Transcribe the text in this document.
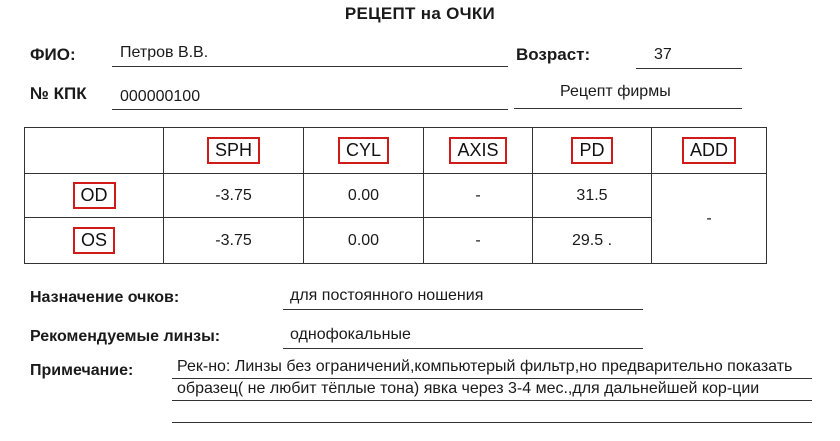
РЕЦЕПТ на ОЧКИ
ФИО:	Петров В.В.	Возраст:	37
№ КПК 000000100	Рецепт фирмы
	SPH	CYL	AXIS	PD	ADD
OD	-3.75	0.00	-	31.5	-
OS	-3.75	0.00	-	29.5 .	
Назначение очков:	для постоянного ношения
Рекомендуемые линзы:	однофокальные
Примечание:	Рек-но: Линзы без ограничений,компьютерый фильтр,но предварительно показать образец( не любит тёплые тона) явка через 3-4 мес.,для дальнейшей кор-ции
